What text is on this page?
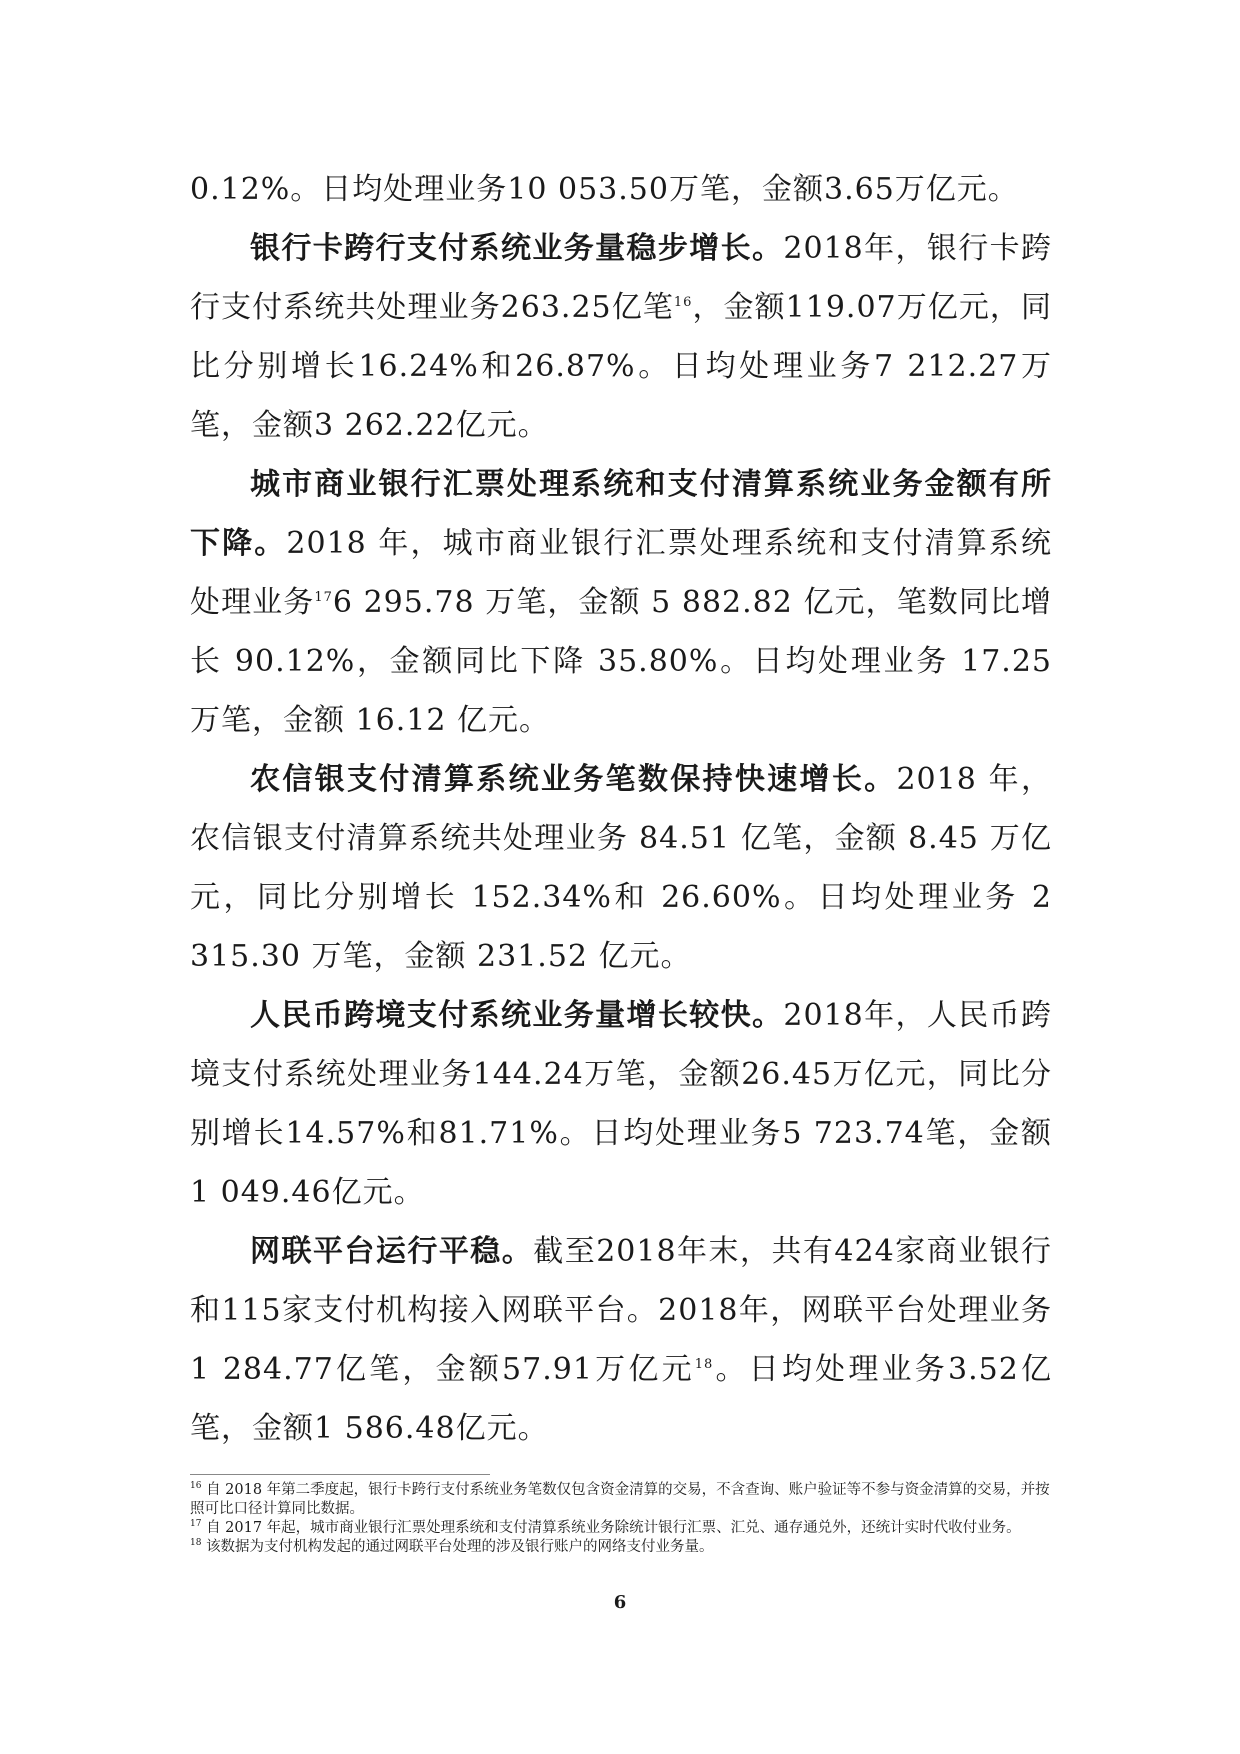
0.12%。日均处理业务10 053.50万笔，金额3.65万亿元。

银行卡跨行支付系统业务量稳步增长。2018年，银行卡跨行支付系统共处理业务263.25亿笔$^{16}$，金额119.07万亿元，同比分别增长16.24%和26.87%。日均处理业务7 212.27万笔，金额3 262.22亿元。

城市商业银行汇票处理系统和支付清算系统业务金额有所下降。2018 年，城市商业银行汇票处理系统和支付清算系统处理业务$^{17}$6 295.78 万笔，金额 5 882.82 亿元，笔数同比增长 90.12%，金额同比下降 35.80%。日均处理业务 17.25 万笔，金额 16.12 亿元。

农信银支付清算系统业务笔数保持快速增长。2018 年，农信银支付清算系统共处理业务 84.51 亿笔，金额 8.45 万亿元，同比分别增长 152.34%和 26.60%。日均处理业务 2 315.30 万笔，金额 231.52 亿元。

人民币跨境支付系统业务量增长较快。2018年，人民币跨境支付系统处理业务144.24万笔，金额26.45万亿元，同比分别增长14.57%和81.71%。日均处理业务5 723.74笔，金额1 049.46亿元。

网联平台运行平稳。截至2018年末，共有424家商业银行和115家支付机构接入网联平台。2018年，网联平台处理业务1 284.77亿笔，金额57.91万亿元$^{18}$。日均处理业务3.52亿笔，金额1 586.48亿元。

$^{16}$ 自 2018 年第二季度起，银行卡跨行支付系统业务笔数仅包含资金清算的交易，不含查询、账户验证等不参与资金清算的交易，并按照可比口径计算同比数据。

$^{17}$ 自 2017 年起，城市商业银行汇票处理系统和支付清算系统业务除统计银行汇票、汇兑、通存通兑外，还统计实时代收付业务。

$^{18}$ 该数据为支付机构发起的通过网联平台处理的涉及银行账户的网络支付业务量。

6
